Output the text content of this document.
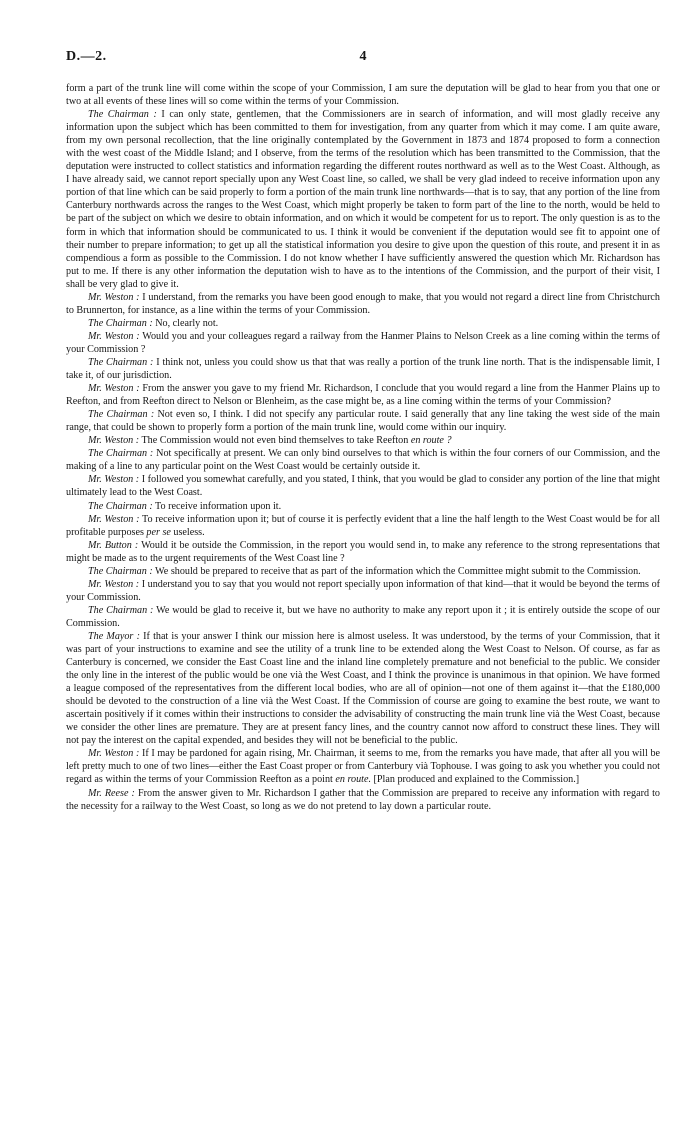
D.—2.	4

form a part of the trunk line will come within the scope of your Commission, I am sure the deputation will be glad to hear from you that one or two at all events of these lines will so come within the terms of your Commission.

The Chairman : I can only state, gentlemen, that the Commissioners are in search of information, and will most gladly receive any information upon the subject which has been committed to them for investigation, from any quarter from which it may come. I am quite aware, from my own personal recollection, that the line originally contemplated by the Government in 1873 and 1874 proposed to form a connection with the west coast of the Middle Island; and I observe, from the terms of the resolution which has been transmitted to the Commission, that the deputation were instructed to collect statistics and information regarding the different routes northward as well as to the West Coast. Although, as I have already said, we cannot report specially upon any West Coast line, so called, we shall be very glad indeed to receive information upon any portion of that line which can be said properly to form a portion of the main trunk line northwards—that is to say, that any portion of the line from Canterbury northwards across the ranges to the West Coast, which might properly be taken to form part of the line to the north, would be held to be part of the subject on which we desire to obtain information, and on which it would be competent for us to report. The only question is as to the form in which that information should be communicated to us. I think it would be convenient if the deputation would see fit to appoint one of their number to prepare information; to get up all the statistical information you desire to give upon the question of this route, and present it in as compendious a form as possible to the Commission. I do not know whether I have sufficiently answered the question which Mr. Richardson has put to me. If there is any other information the deputation wish to have as to the intentions of the Commission, and the purport of their visit, I shall be very glad to give it.

Mr. Weston : I understand, from the remarks you have been good enough to make, that you would not regard a direct line from Christchurch to Brunnerton, for instance, as a line within the terms of your Commission.

The Chairman : No, clearly not.

Mr. Weston : Would you and your colleagues regard a railway from the Hanmer Plains to Nelson Creek as a line coming within the terms of your Commission ?

The Chairman : I think not, unless you could show us that that was really a portion of the trunk line north. That is the indispensable limit, I take it, of our jurisdiction.

Mr. Weston : From the answer you gave to my friend Mr. Richardson, I conclude that you would regard a line from the Hanmer Plains up to Reefton, and from Reefton direct to Nelson or Blenheim, as the case might be, as a line coming within the terms of your Commission?

The Chairman : Not even so, I think. I did not specify any particular route. I said generally that any line taking the west side of the main range, that could be shown to properly form a portion of the main trunk line, would come within our inquiry.

Mr. Weston : The Commission would not even bind themselves to take Reefton en route ?

The Chairman : Not specifically at present. We can only bind ourselves to that which is within the four corners of our Commission, and the making of a line to any particular point on the West Coast would be certainly outside it.

Mr. Weston : I followed you somewhat carefully, and you stated, I think, that you would be glad to consider any portion of the line that might ultimately lead to the West Coast.

The Chairman : To receive information upon it.

Mr. Weston : To receive information upon it; but of course it is perfectly evident that a line the half length to the West Coast would be for all profitable purposes per se useless.

Mr. Button : Would it be outside the Commission, in the report you would send in, to make any reference to the strong representations that might be made as to the urgent requirements of the West Coast line ?

The Chairman : We should be prepared to receive that as part of the information which the Committee might submit to the Commission.

Mr. Weston : I understand you to say that you would not report specially upon information of that kind—that it would be beyond the terms of your Commission.

The Chairman : We would be glad to receive it, but we have no authority to make any report upon it ; it is entirely outside the scope of our Commission.

The Mayor : If that is your answer I think our mission here is almost useless. It was understood, by the terms of your Commission, that it was part of your instructions to examine and see the utility of a trunk line to be extended along the West Coast to Nelson. Of course, as far as Canterbury is concerned, we consider the East Coast line and the inland line completely premature and not beneficial to the public. We consider the only line in the interest of the public would be one vià the West Coast, and I think the province is unanimous in that opinion. We have formed a league composed of the representatives from the different local bodies, who are all of opinion—not one of them against it—that the £180,000 should be devoted to the construction of a line vià the West Coast. If the Commission of course are going to examine the best route, we want to ascertain positively if it comes within their instructions to consider the advisability of constructing the main trunk line vià the West Coast, because we consider the other lines are premature. They are at present fancy lines, and the country cannot now afford to construct these lines. They will not pay the interest on the capital expended, and besides they will not be beneficial to the public.

Mr. Weston : If I may be pardoned for again rising, Mr. Chairman, it seems to me, from the remarks you have made, that after all you will be left pretty much to one of two lines—either the East Coast proper or from Canterbury vià Tophouse. I was going to ask you whether you could not regard as within the terms of your Commission Reefton as a point en route. [Plan produced and explained to the Commission.]

Mr. Reese : From the answer given to Mr. Richardson I gather that the Commission are prepared to receive any information with regard to the necessity for a railway to the West Coast, so long as we do not pretend to lay down a particular route.
